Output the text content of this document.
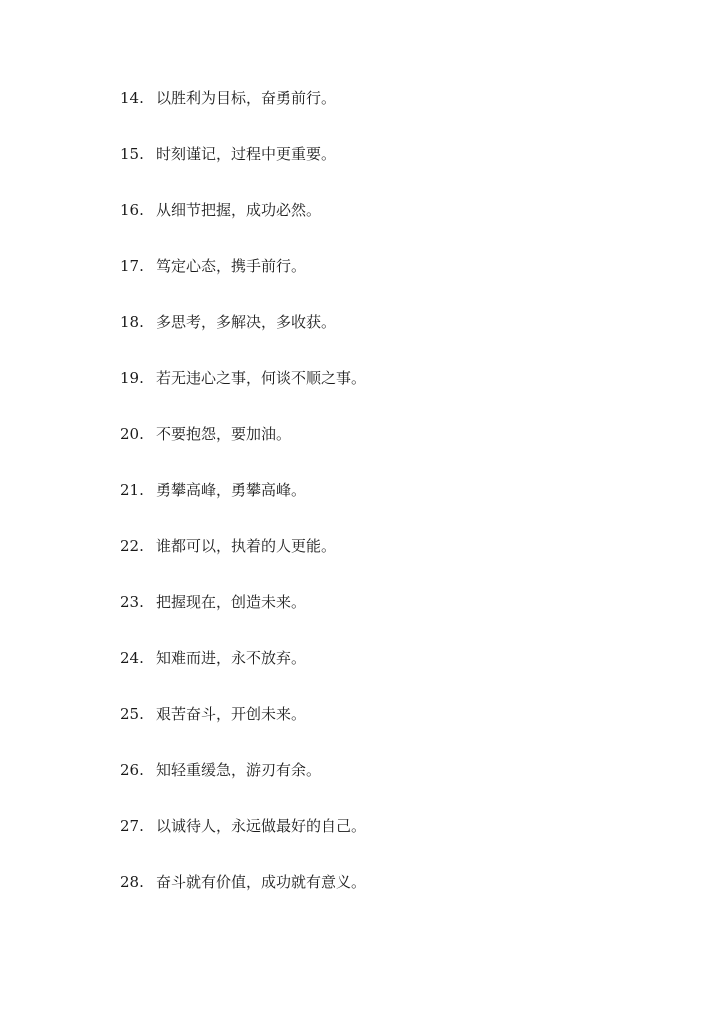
14. 以胜利为目标，奋勇前行。
15. 时刻谨记，过程中更重要。
16. 从细节把握，成功必然。
17. 笃定心态，携手前行。
18. 多思考，多解决，多收获。
19. 若无违心之事，何谈不顺之事。
20. 不要抱怨，要加油。
21. 勇攀高峰，勇攀高峰。
22. 谁都可以，执着的人更能。
23. 把握现在，创造未来。
24. 知难而进，永不放弃。
25. 艰苦奋斗，开创未来。
26. 知轻重缓急，游刃有余。
27. 以诚待人，永远做最好的自己。
28. 奋斗就有价值，成功就有意义。
